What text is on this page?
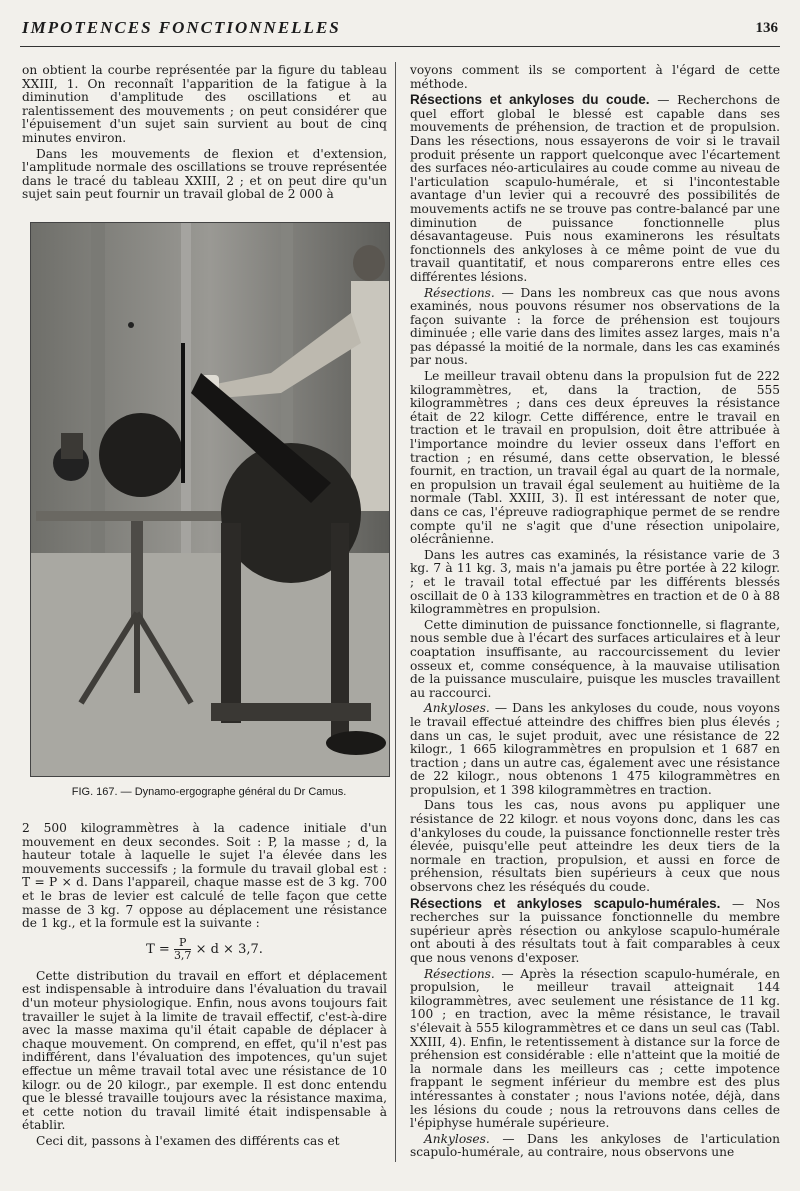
IMPOTENCES FONCTIONNELLES	136

on obtient la courbe représentée par la figure du tableau XXIII, 1. On reconnaît l'apparition de la fatigue à la diminution d'amplitude des oscillations et au ralentissement des mouvements ; on peut considérer que l'épuisement d'un sujet sain survient au bout de cinq minutes environ.

Dans les mouvements de flexion et d'extension, l'amplitude normale des oscillations se trouve représentée dans le tracé du tableau XXIII, 2 ; et on peut dire qu'un sujet sain peut fournir un travail global de 2 000 à

FIG. 167. — Dynamo-ergographe général du Dr Camus.

2 500 kilogrammètres à la cadence initiale d'un mouvement en deux secondes. Soit : P, la masse ; d, la hauteur totale à laquelle le sujet l'a élevée dans les mouvements successifs ; la formule du travail global est : T = P × d. Dans l'appareil, chaque masse est de 3 kg. 700 et le bras de levier est calculé de telle façon que cette masse de 3 kg. 7 oppose au déplacement une résistance de 1 kg., et la formule est la suivante :

$T = \frac{P}{3,7} \times d \times 3,7$.

Cette distribution du travail en effort et déplacement est indispensable à introduire dans l'évaluation du travail d'un moteur physiologique. Enfin, nous avons toujours fait travailler le sujet à la limite de travail effectif, c'est-à-dire avec la masse maxima qu'il était capable de déplacer à chaque mouvement. On comprend, en effet, qu'il n'est pas indifférent, dans l'évaluation des impotences, qu'un sujet effectue un même travail total avec une résistance de 10 kilogr. ou de 20 kilogr., par exemple. Il est donc entendu que le blessé travaille toujours avec la résistance maxima, et cette notion du travail limité était indispensable à établir.

Ceci dit, passons à l'examen des différents cas et

voyons comment ils se comportent à l'égard de cette méthode.

Résections et ankyloses du coude. — Recherchons de quel effort global le blessé est capable dans ses mouvements de préhension, de traction et de propulsion. Dans les résections, nous essayerons de voir si le travail produit présente un rapport quelconque avec l'écartement des surfaces néo-articulaires au coude comme au niveau de l'articulation scapulo-humérale, et si l'incontestable avantage d'un levier qui a recouvré des possibilités de mouvements actifs ne se trouve pas contre-balancé par une diminution de puissance fonctionnelle plus désavantageuse. Puis nous examinerons les résultats fonctionnels des ankyloses à ce même point de vue du travail quantitatif, et nous comparerons entre elles ces différentes lésions.

Résections. — Dans les nombreux cas que nous avons examinés, nous pouvons résumer nos observations de la façon suivante : la force de préhension est toujours diminuée ; elle varie dans des limites assez larges, mais n'a pas dépassé la moitié de la normale, dans les cas examinés par nous.

Le meilleur travail obtenu dans la propulsion fut de 222 kilogrammètres, et, dans la traction, de 555 kilogrammètres ; dans ces deux épreuves la résistance était de 22 kilogr. Cette différence, entre le travail en traction et le travail en propulsion, doit être attribuée à l'importance moindre du levier osseux dans l'effort en traction ; en résumé, dans cette observation, le blessé fournit, en traction, un travail égal au quart de la normale, en propulsion un travail égal seulement au huitième de la normale (Tabl. XXIII, 3). Il est intéressant de noter que, dans ce cas, l'épreuve radiographique permet de se rendre compte qu'il ne s'agit que d'une résection unipolaire, olécrânienne.

Dans les autres cas examinés, la résistance varie de 3 kg. 7 à 11 kg. 3, mais n'a jamais pu être portée à 22 kilogr. ; et le travail total effectué par les différents blessés oscillait de 0 à 133 kilogrammètres en traction et de 0 à 88 kilogrammètres en propulsion.

Cette diminution de puissance fonctionnelle, si flagrante, nous semble due à l'écart des surfaces articulaires et à leur coaptation insuffisante, au raccourcissement du levier osseux et, comme conséquence, à la mauvaise utilisation de la puissance musculaire, puisque les muscles travaillent au raccourci.

Ankyloses. — Dans les ankyloses du coude, nous voyons le travail effectué atteindre des chiffres bien plus élevés ; dans un cas, le sujet produit, avec une résistance de 22 kilogr., 1 665 kilogrammètres en propulsion et 1 687 en traction ; dans un autre cas, également avec une résistance de 22 kilogr., nous obtenons 1 475 kilogrammètres en propulsion, et 1 398 kilogrammètres en traction.

Dans tous les cas, nous avons pu appliquer une résistance de 22 kilogr. et nous voyons donc, dans les cas d'ankyloses du coude, la puissance fonctionnelle rester très élevée, puisqu'elle peut atteindre les deux tiers de la normale en traction, propulsion, et aussi en force de préhension, résultats bien supérieurs à ceux que nous observons chez les réséqués du coude.

Résections et ankyloses scapulo-humérales. — Nos recherches sur la puissance fonctionnelle du membre supérieur après résection ou ankylose scapulo-humérale ont abouti à des résultats tout à fait comparables à ceux que nous venons d'exposer.

Résections. — Après la résection scapulo-humérale, en propulsion, le meilleur travail atteignait 144 kilogrammètres, avec seulement une résistance de 11 kg. 100 ; en traction, avec la même résistance, le travail s'élevait à 555 kilogrammètres et ce dans un seul cas (Tabl. XXIII, 4). Enfin, le retentissement à distance sur la force de préhension est considérable : elle n'atteint que la moitié de la normale dans les meilleurs cas ; cette impotence frappant le segment inférieur du membre est des plus intéressantes à constater ; nous l'avions notée, déjà, dans les lésions du coude ; nous la retrouvons dans celles de l'épiphyse humérale supérieure.

Ankyloses. — Dans les ankyloses de l'articulation scapulo-humérale, au contraire, nous observons une
